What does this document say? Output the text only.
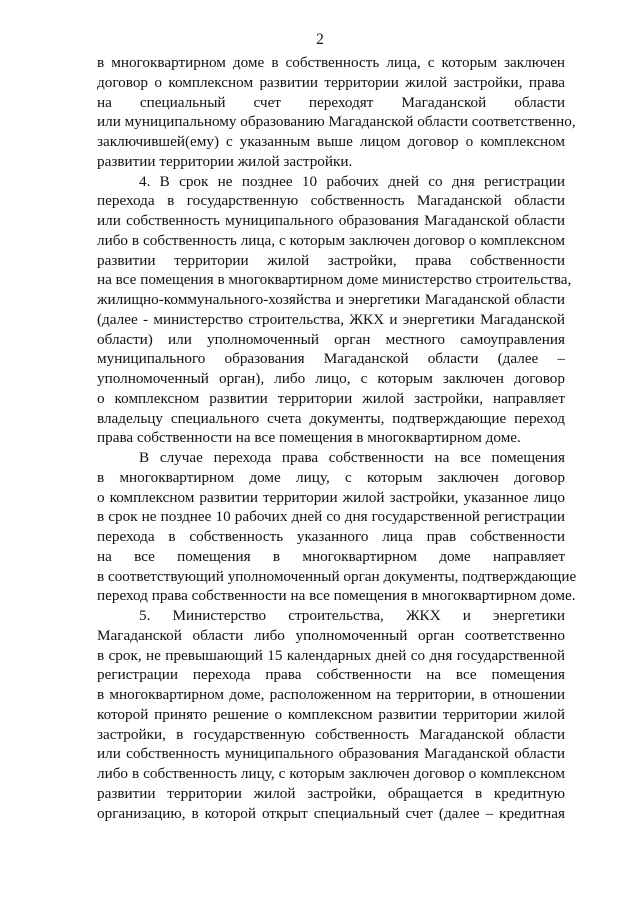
2
в многоквартирном доме в собственность лица, с которым заключен
договор о комплексном развитии территории жилой застройки, права
на специальный счет переходят Магаданской области
или муниципальному образованию Магаданской области соответственно,
заключившей(ему) с указанным выше лицом договор о комплексном
развитии территории жилой застройки.
4. В срок не позднее 10 рабочих дней со дня регистрации
перехода в государственную собственность Магаданской области
или собственность муниципального образования Магаданской области
либо в собственность лица, с которым заключен договор о комплексном
развитии территории жилой застройки, права собственности
на все помещения в многоквартирном доме министерство строительства,
жилищно-коммунального-хозяйства и энергетики Магаданской области
(далее - министерство строительства, ЖКХ и энергетики Магаданской
области) или уполномоченный орган местного самоуправления
муниципального образования Магаданской области (далее –
уполномоченный орган), либо лицо, с которым заключен договор
о комплексном развитии территории жилой застройки, направляет
владельцу специального счета документы, подтверждающие переход
права собственности на все помещения в многоквартирном доме.
В случае перехода права собственности на все помещения
в многоквартирном доме лицу, с которым заключен договор
о комплексном развитии территории жилой застройки, указанное лицо
в срок не позднее 10 рабочих дней со дня государственной регистрации
перехода в собственность указанного лица прав собственности
на все помещения в многоквартирном доме направляет
в соответствующий уполномоченный орган документы, подтверждающие
переход права собственности на все помещения в многоквартирном доме.
5. Министерство строительства, ЖКХ и энергетики
Магаданской области либо уполномоченный орган соответственно
в срок, не превышающий 15 календарных дней со дня государственной
регистрации перехода права собственности на все помещения
в многоквартирном доме, расположенном на территории, в отношении
которой принято решение о комплексном развитии территории жилой
застройки, в государственную собственность Магаданской области
или собственность муниципального образования Магаданской области
либо в собственность лицу, с которым заключен договор о комплексном
развитии территории жилой застройки, обращается в кредитную
организацию, в которой открыт специальный счет (далее – кредитная
